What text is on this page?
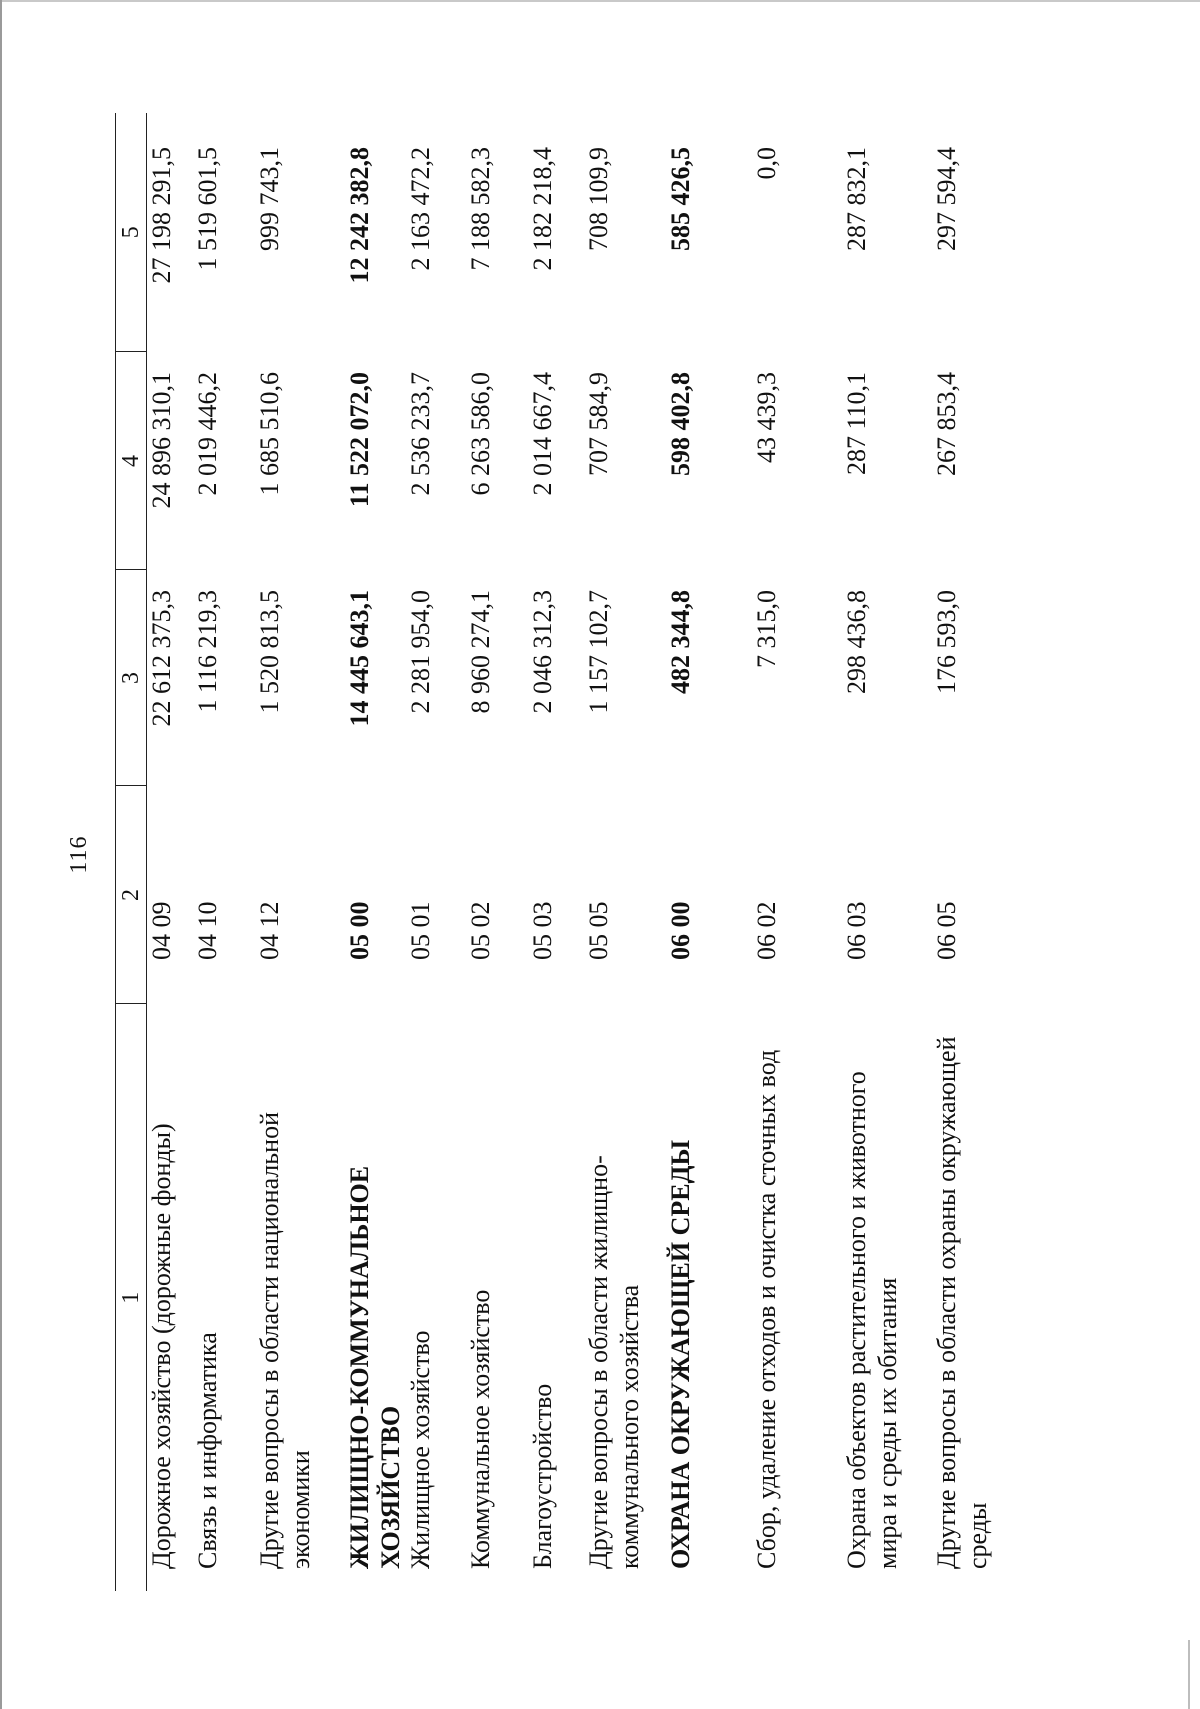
116
1	2	3	4	5
Дорожное хозяйство (дорожные фонды)	04 09	22 612 375,3	24 896 310,1	27 198 291,5
Связь и информатика	04 10	1 116 219,3	2 019 446,2	1 519 601,5
Другие вопросы в области национальной экономики	04 12	1 520 813,5	1 685 510,6	999 743,1
ЖИЛИЩНО-КОММУНАЛЬНОЕ ХОЗЯЙСТВО	05 00	14 445 643,1	11 522 072,0	12 242 382,8
Жилищное хозяйство	05 01	2 281 954,0	2 536 233,7	2 163 472,2
Коммунальное хозяйство	05 02	8 960 274,1	6 263 586,0	7 188 582,3
Благоустройство	05 03	2 046 312,3	2 014 667,4	2 182 218,4
Другие вопросы в области жилищно-коммунального хозяйства	05 05	1 157 102,7	707 584,9	708 109,9
ОХРАНА ОКРУЖАЮЩЕЙ СРЕДЫ	06 00	482 344,8	598 402,8	585 426,5
Сбор, удаление отходов и очистка сточных вод	06 02	7 315,0	43 439,3	0,0
Охрана объектов растительного и животного мира и среды их обитания	06 03	298 436,8	287 110,1	287 832,1
Другие вопросы в области охраны окружающей среды	06 05	176 593,0	267 853,4	297 594,4
